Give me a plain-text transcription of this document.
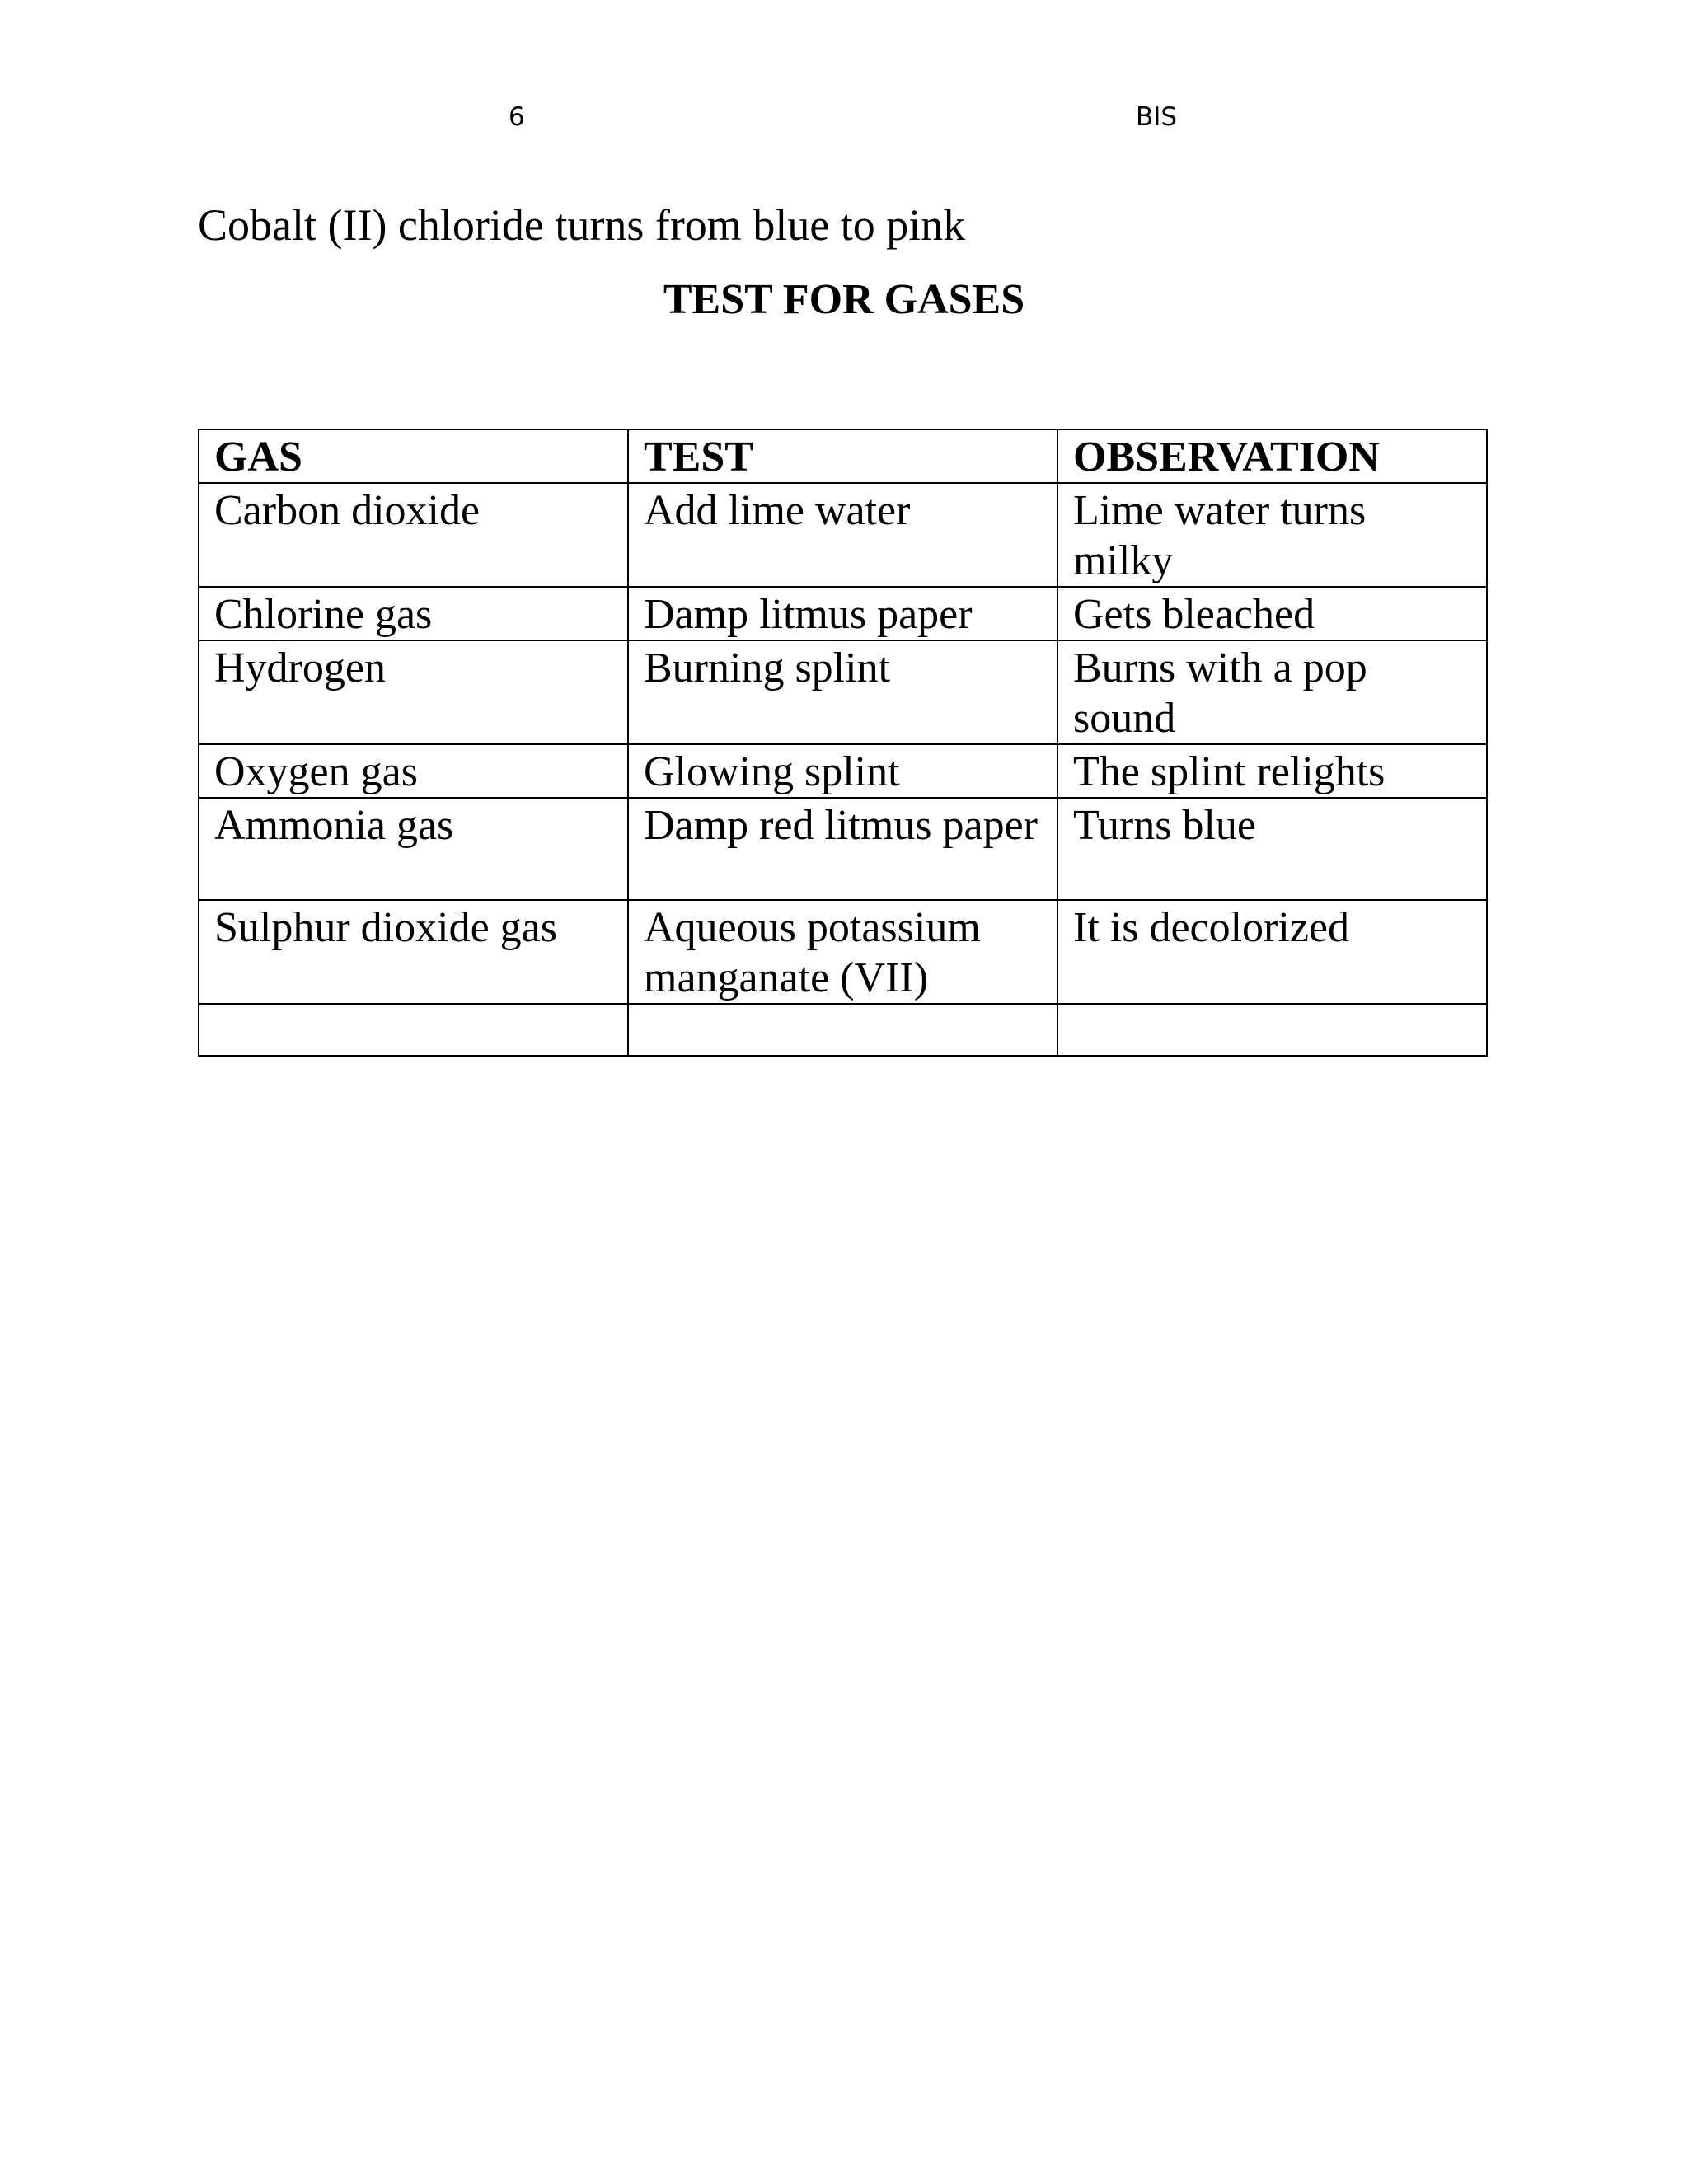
6	BIS
Cobalt (II) chloride turns from blue to pink
TEST FOR GASES
GAS	TEST	OBSERVATION
Carbon dioxide	Add lime water	Lime water turns milky
Chlorine gas	Damp litmus paper	Gets bleached
Hydrogen	Burning splint	Burns with a pop sound
Oxygen gas	Glowing splint	The splint relights
Ammonia gas	Damp red litmus paper	Turns blue
Sulphur dioxide gas	Aqueous potassium manganate (VII)	It is decolorized
